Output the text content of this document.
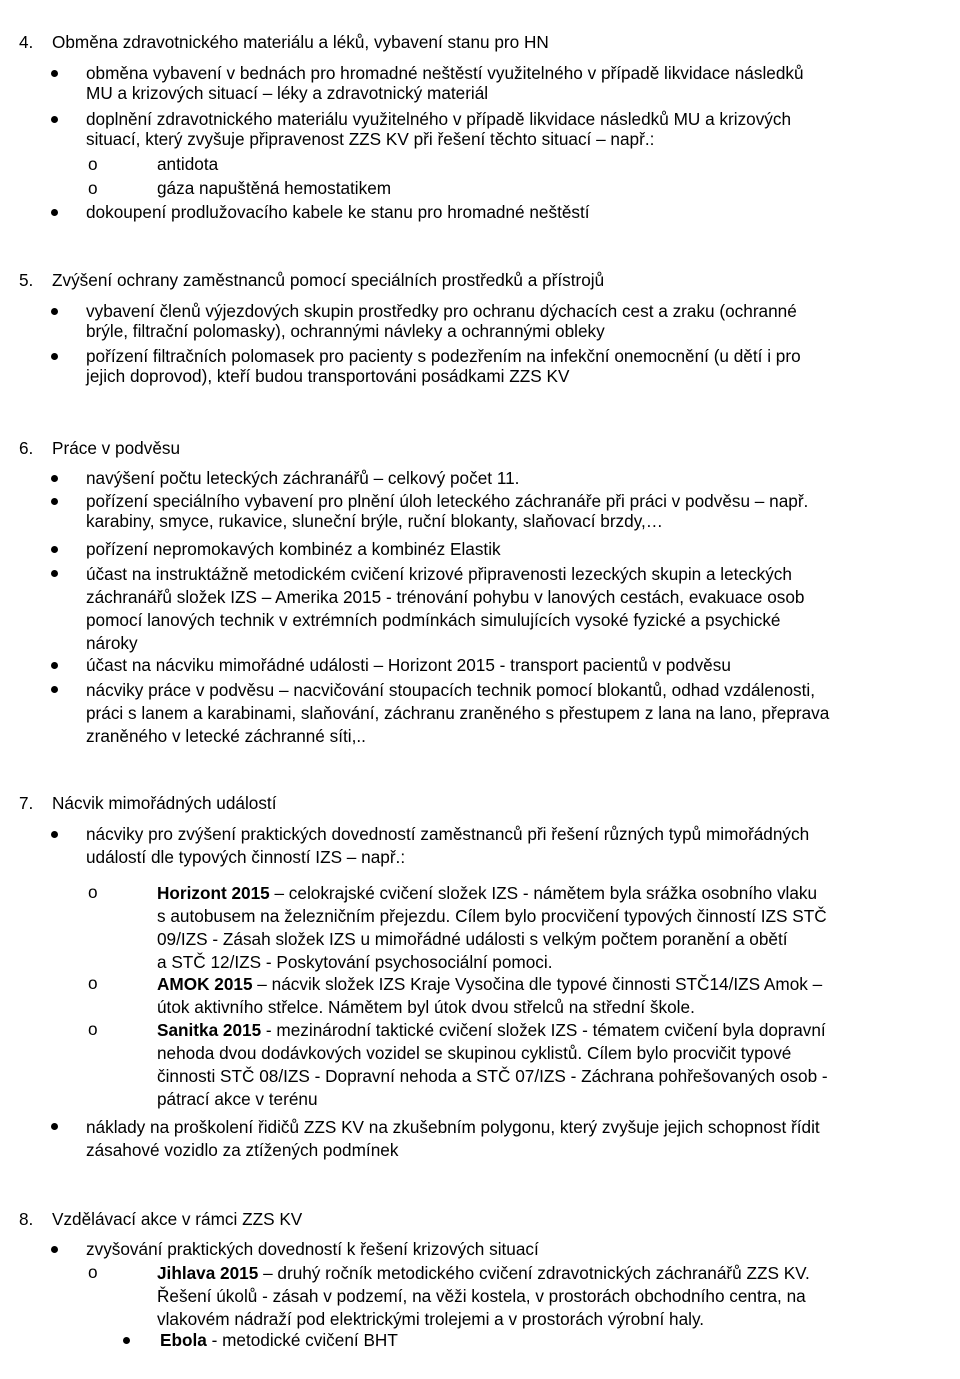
4. Obměna zdravotnického materiálu a léků, vybavení stanu pro HN
obměna vybavení v bednách pro hromadné neštěstí využitelného v případě likvidace následků
MU a krizových situací – léky a zdravotnický materiál
doplnění zdravotnického materiálu využitelného v případě likvidace následků MU a krizových
situací, který zvyšuje připravenost ZZS KV při řešení těchto situací – např.:
o	antidota
o	gáza napuštěná hemostatikem
dokoupení prodlužovacího kabele ke stanu pro hromadné neštěstí
5. Zvýšení ochrany zaměstnanců pomocí speciálních prostředků a přístrojů
vybavení členů výjezdových skupin prostředky pro ochranu dýchacích cest a zraku (ochranné
brýle, filtrační polomasky), ochrannými návleky a ochrannými obleky
pořízení filtračních polomasek pro pacienty s podezřením na infekční onemocnění (u dětí i pro
jejich doprovod), kteří budou transportováni posádkami ZZS KV
6. Práce v podvěsu
navýšení počtu leteckých záchranářů – celkový počet 11.
pořízení speciálního vybavení pro plnění úloh leteckého záchranáře při práci v podvěsu – např.
karabiny, smyce, rukavice, sluneční brýle, ruční blokanty, slaňovací brzdy,…
pořízení nepromokavých kombinéz a kombinéz Elastik
účast na instruktážně metodickém cvičení krizové připravenosti lezeckých skupin a leteckých
záchranářů složek IZS – Amerika 2015 - trénování pohybu v lanových cestách, evakuace osob
pomocí lanových technik v extrémních podmínkách simulujících vysoké fyzické a psychické
nároky
účast na nácviku mimořádné události – Horizont 2015 - transport pacientů v podvěsu
nácviky práce v podvěsu – nacvičování stoupacích technik pomocí blokantů, odhad vzdálenosti,
práci s lanem a karabinami, slaňování, záchranu zraněného s přestupem z lana na lano, přeprava
zraněného v letecké záchranné síti,..
7. Nácvik mimořádných událostí
nácviky pro zvýšení praktických dovedností zaměstnanců při řešení různých typů mimořádných
událostí dle typových činností IZS – např.:
o	Horizont 2015 – celokrajské cvičení složek IZS - námětem byla srážka osobního vlaku
s autobusem na železničním přejezdu. Cílem bylo procvičení typových činností IZS STČ
09/IZS - Zásah složek IZS u mimořádné události s velkým počtem poranění a obětí
a STČ 12/IZS - Poskytování psychosociální pomoci.
o	AMOK 2015 – nácvik složek IZS Kraje Vysočina dle typové činnosti STČ14/IZS Amok –
útok aktivního střelce. Námětem byl útok dvou střelců na střední škole.
o	Sanitka 2015 - mezinárodní taktické cvičení složek IZS - tématem cvičení byla dopravní
nehoda dvou dodávkových vozidel se skupinou cyklistů. Cílem bylo procvičit typové
činnosti STČ 08/IZS - Dopravní nehoda a STČ 07/IZS - Záchrana pohřešovaných osob -
pátrací akce v terénu
náklady na proškolení řidičů ZZS KV na zkušebním polygonu, který zvyšuje jejich schopnost řídit
zásahové vozidlo za ztížených podmínek
8. Vzdělávací akce v rámci ZZS KV
zvyšování praktických dovedností k řešení krizových situací
o	Jihlava 2015 – druhý ročník metodického cvičení zdravotnických záchranářů ZZS KV.
Řešení úkolů - zásah v podzemí, na věži kostela, v prostorách obchodního centra, na
vlakovém nádraží pod elektrickými trolejemi a v prostorách výrobní haly.
Ebola - metodické cvičení BHT
